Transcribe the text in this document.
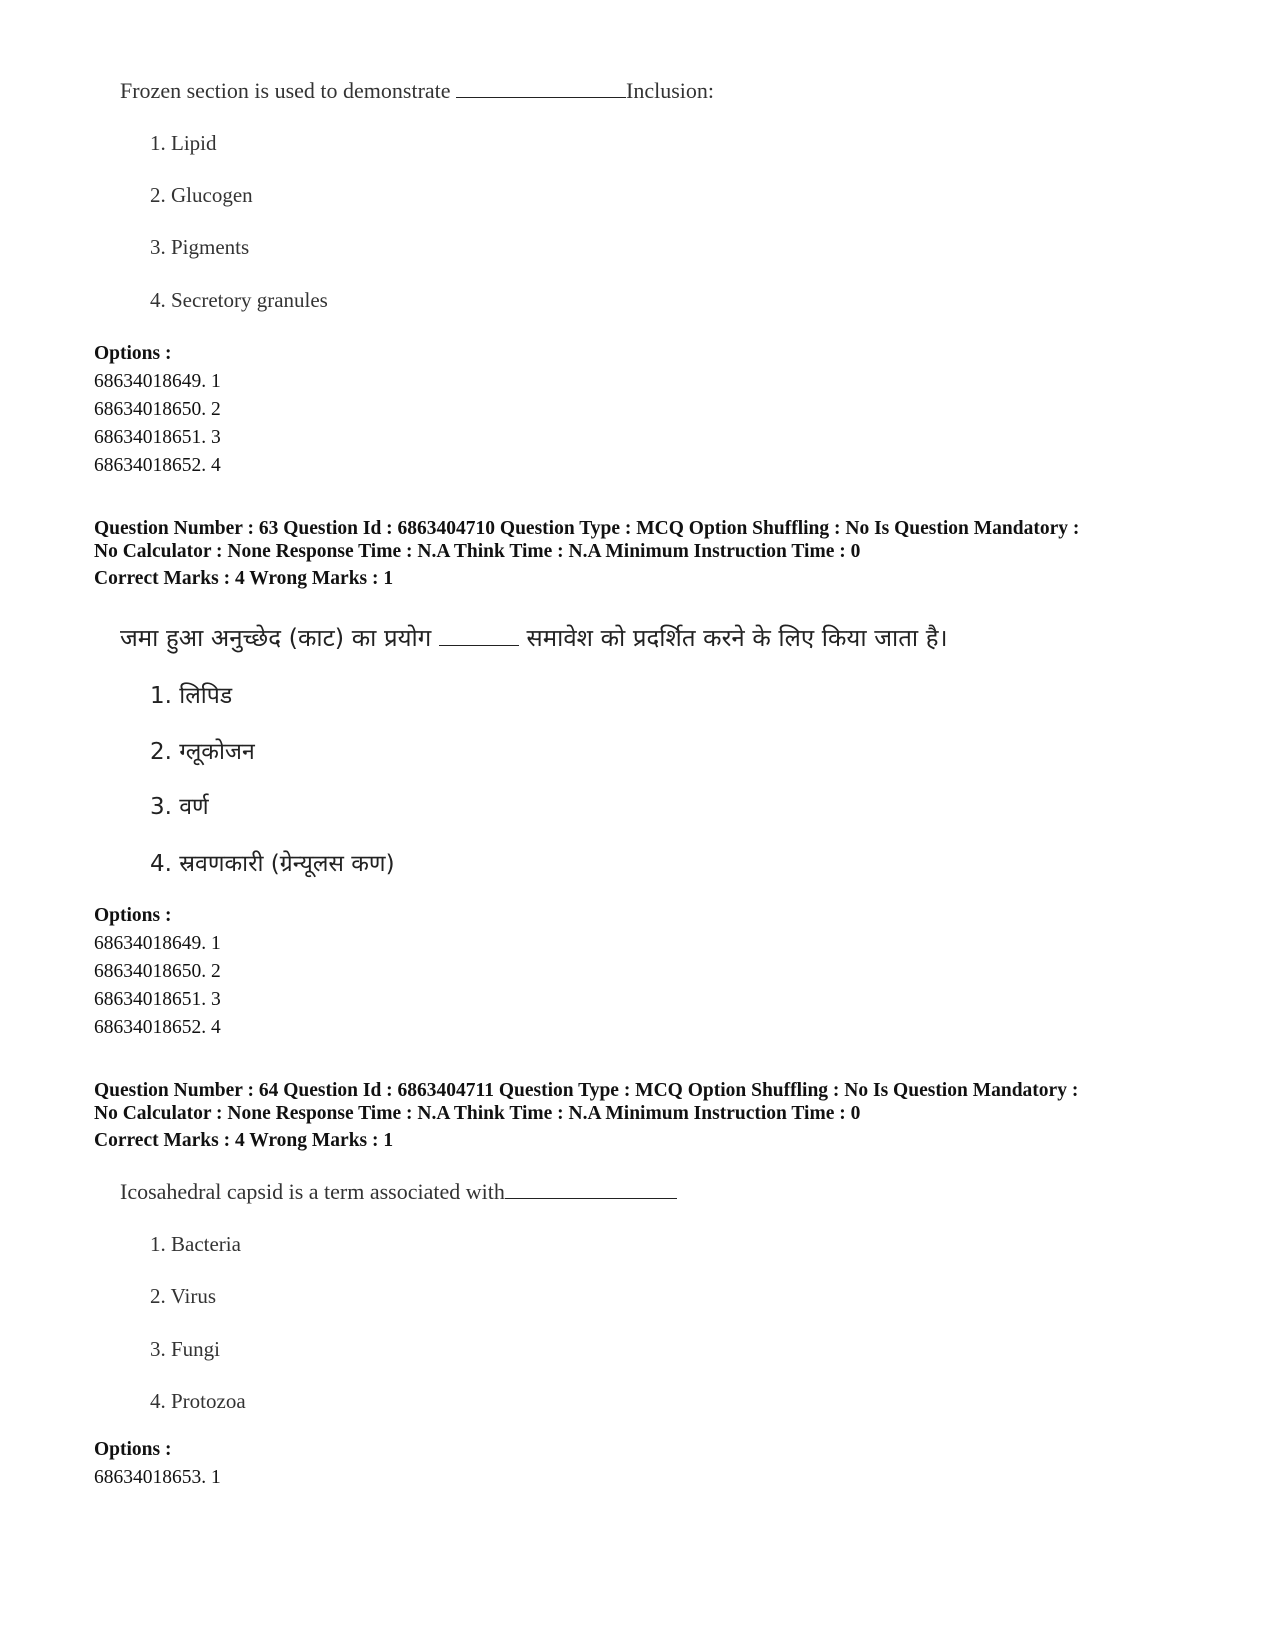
Frozen section is used to demonstrate	Inclusion:
1. Lipid
2. Glucogen
3. Pigments
4. Secretory granules
Options :
68634018649. 1
68634018650. 2
68634018651. 3
68634018652. 4
Question Number : 63 Question Id : 6863404710 Question Type : MCQ Option Shuffling : No Is Question Mandatory :
No Calculator : None Response Time : N.A Think Time : N.A Minimum Instruction Time : 0
Correct Marks : 4 Wrong Marks : 1
जमा हुआ अनुच्छेद (काट) का प्रयोग	समावेश को प्रदर्शित करने के लिए किया जाता है।
1. लिपिड
2. ग्लूकोजन
3. वर्ण
4. स्रवणकारी (ग्रेन्यूलस कण)
Options :
68634018649. 1
68634018650. 2
68634018651. 3
68634018652. 4
Question Number : 64 Question Id : 6863404711 Question Type : MCQ Option Shuffling : No Is Question Mandatory :
No Calculator : None Response Time : N.A Think Time : N.A Minimum Instruction Time : 0
Correct Marks : 4 Wrong Marks : 1
Icosahedral capsid is a term associated with
1. Bacteria
2. Virus
3. Fungi
4. Protozoa
Options :
68634018653. 1
